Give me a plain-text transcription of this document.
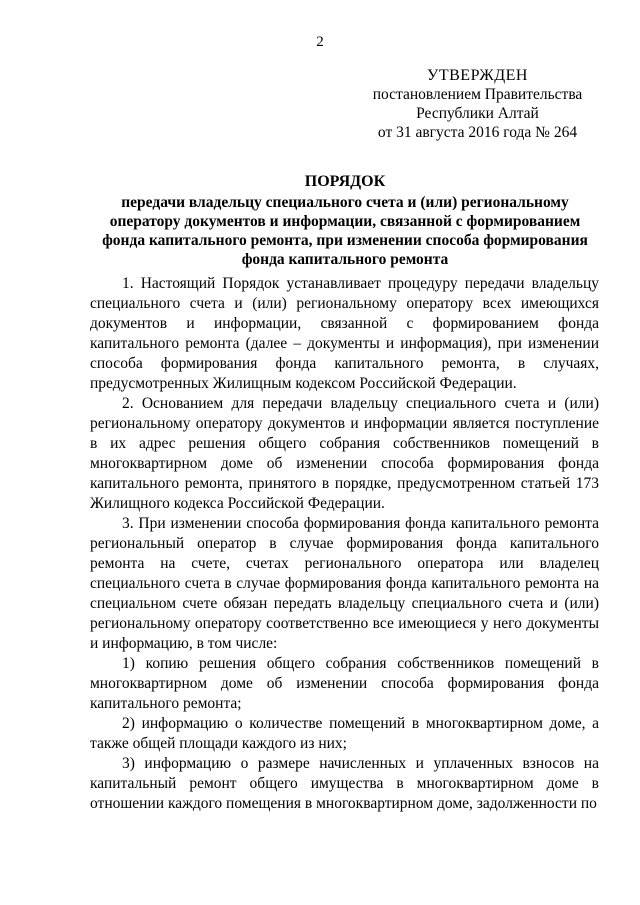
2
УТВЕРЖДЕН
постановлением Правительства
Республики Алтай
от 31 августа 2016 года № 264
ПОРЯДОК
передачи владельцу специального счета и (или) региональному оператору документов и информации, связанной с формированием фонда капитального ремонта, при изменении способа формирования фонда капитального ремонта

1. Настоящий Порядок устанавливает процедуру передачи владельцу специального счета и (или) региональному оператору всех имеющихся документов и информации, связанной с формированием фонда капитального ремонта (далее – документы и информация), при изменении способа формирования фонда капитального ремонта, в случаях, предусмотренных Жилищным кодексом Российской Федерации.

2. Основанием для передачи владельцу специального счета и (или) региональному оператору документов и информации является поступление в их адрес решения общего собрания собственников помещений в многоквартирном доме об изменении способа формирования фонда капитального ремонта, принятого в порядке, предусмотренном статьей 173 Жилищного кодекса Российской Федерации.

3. При изменении способа формирования фонда капитального ремонта региональный оператор в случае формирования фонда капитального ремонта на счете, счетах регионального оператора или владелец специального счета в случае формирования фонда капитального ремонта на специальном счете обязан передать владельцу специального счета и (или) региональному оператору соответственно все имеющиеся у него документы и информацию, в том числе:

1) копию решения общего собрания собственников помещений в многоквартирном доме об изменении способа формирования фонда капитального ремонта;

2) информацию о количестве помещений в многоквартирном доме, а также общей площади каждого из них;

3) информацию о размере начисленных и уплаченных взносов на капитальный ремонт общего имущества в многоквартирном доме в отношении каждого помещения в многоквартирном доме, задолженности по
